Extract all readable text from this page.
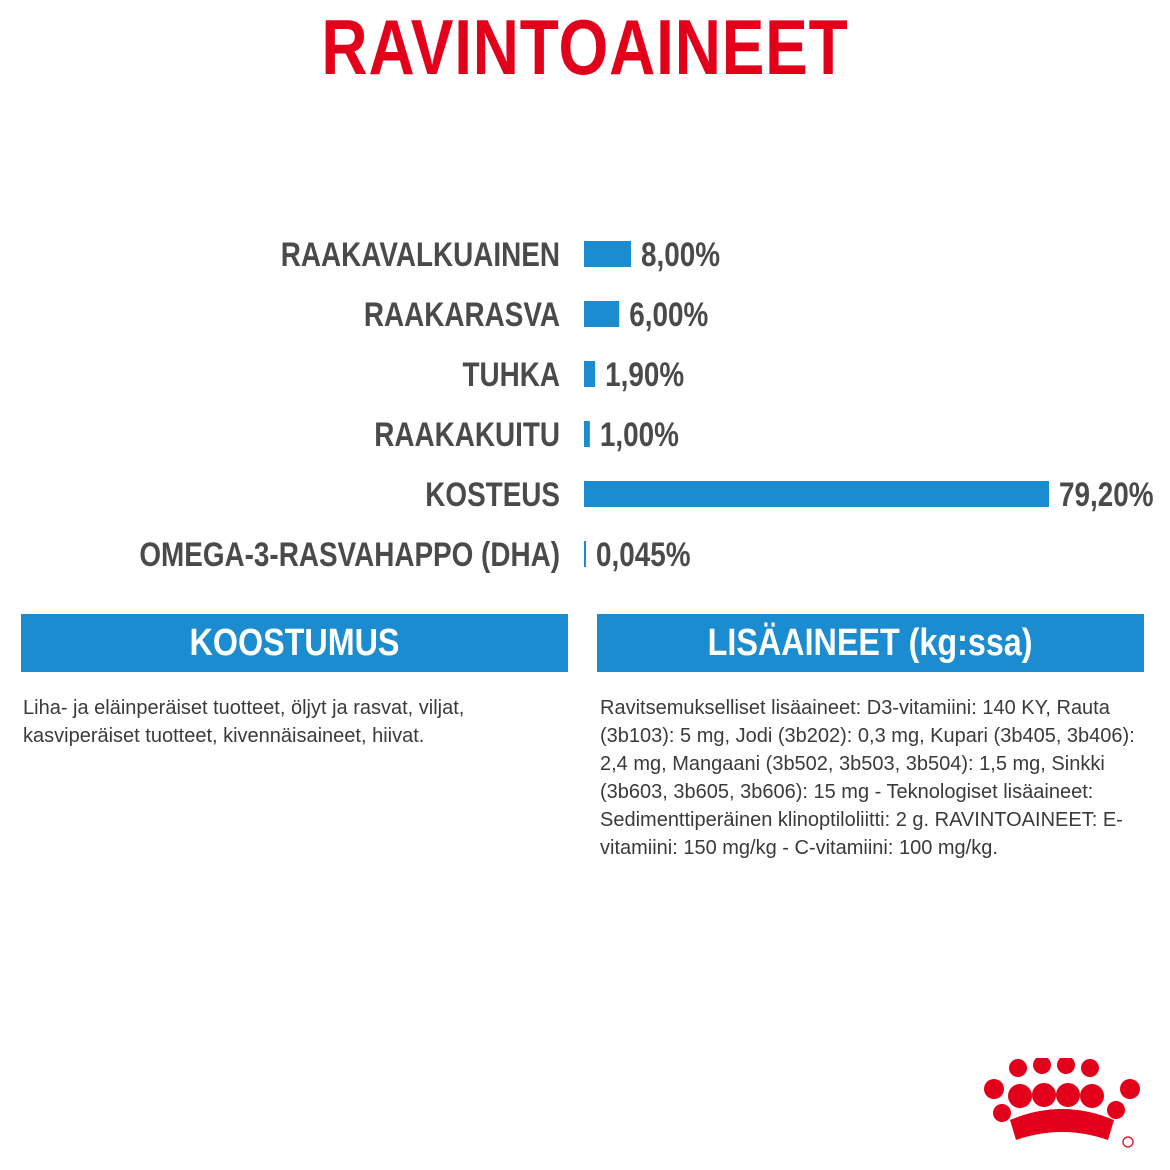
RAVINTOAINEET
RAAKAVALKUAINEN 8,00%
RAAKARASVA 6,00%
TUHKA 1,90%
RAAKAKUITU 1,00%
KOSTEUS	79,20%
OMEGA-3-RASVAHAPPO (DHA) 0,045%
KOOSTUMUS	LISÄAINEET (kg:ssa)
Liha- ja eläinperäiset tuotteet, öljyt ja rasvat, viljat, kasviperäiset tuotteet, kivennäisaineet, hiivat.
Ravitsemukselliset lisäaineet: D3-vitamiini: 140 KY, Rauta (3b103): 5 mg, Jodi (3b202): 0,3 mg, Kupari (3b405, 3b406): 2,4 mg, Mangaani (3b502, 3b503, 3b504): 1,5 mg, Sinkki (3b603, 3b605, 3b606): 15 mg - Teknologiset lisäaineet: Sedimenttiperäinen klinoptiloliitti: 2 g. RAVINTOAINEET: E-vitamiini: 150 mg/kg - C-vitamiini: 100 mg/kg.
